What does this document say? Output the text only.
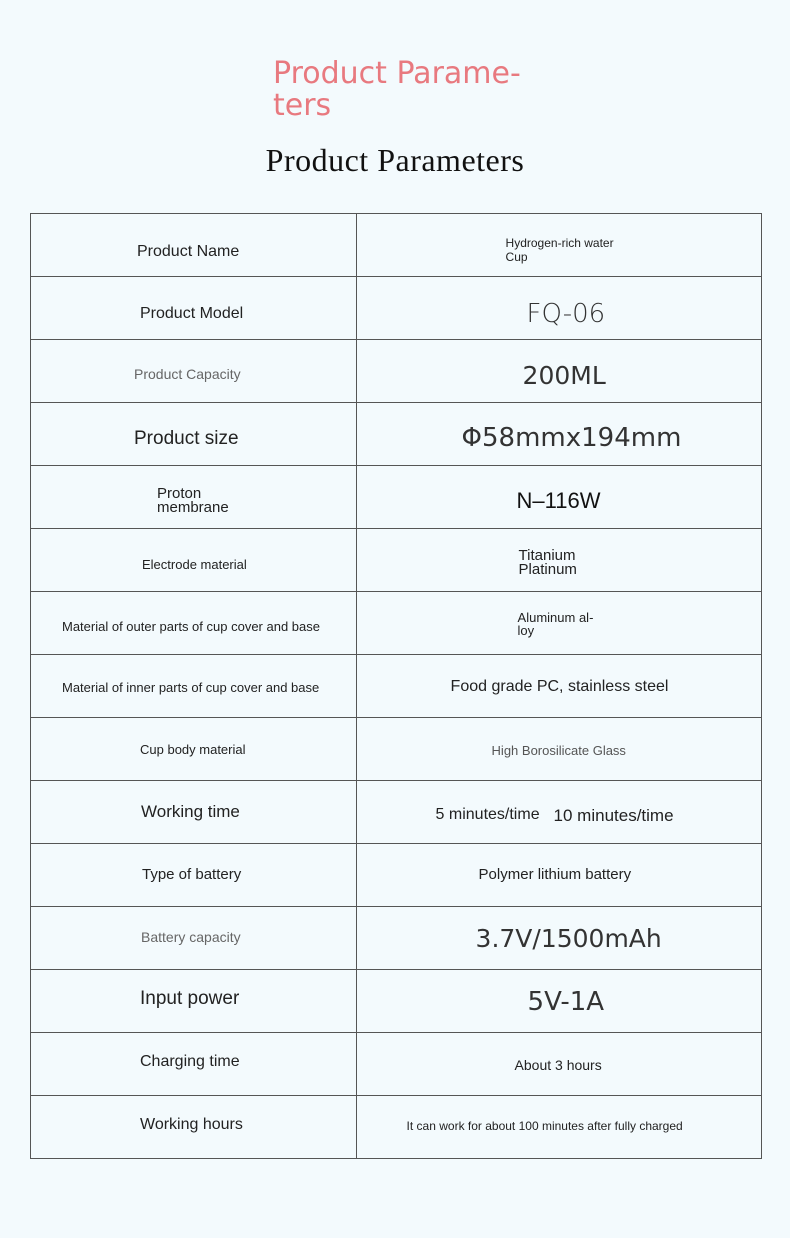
Product Parame-
ters
Product Parameters
Product Name	Hydrogen-rich water
Cup

Product Model	FQ-06

Product Capacity	200ML

Product size	Φ58mmx194mm

Proton
membrane	N–116W

Electrode material	Titanium
Platinum

Material of outer parts of cup cover and base	Aluminum al-
loy

Material of inner parts of cup cover and base	Food grade PC, stainless steel

Cup body material	High Borosilicate Glass

Working time	5 minutes/time 10 minutes/time

Type of battery	Polymer lithium battery

Battery capacity	3.7V/1500mAh

Input power	5V-1A

Charging time	About 3 hours

Working hours	It can work for about 100 minutes after fully charged
